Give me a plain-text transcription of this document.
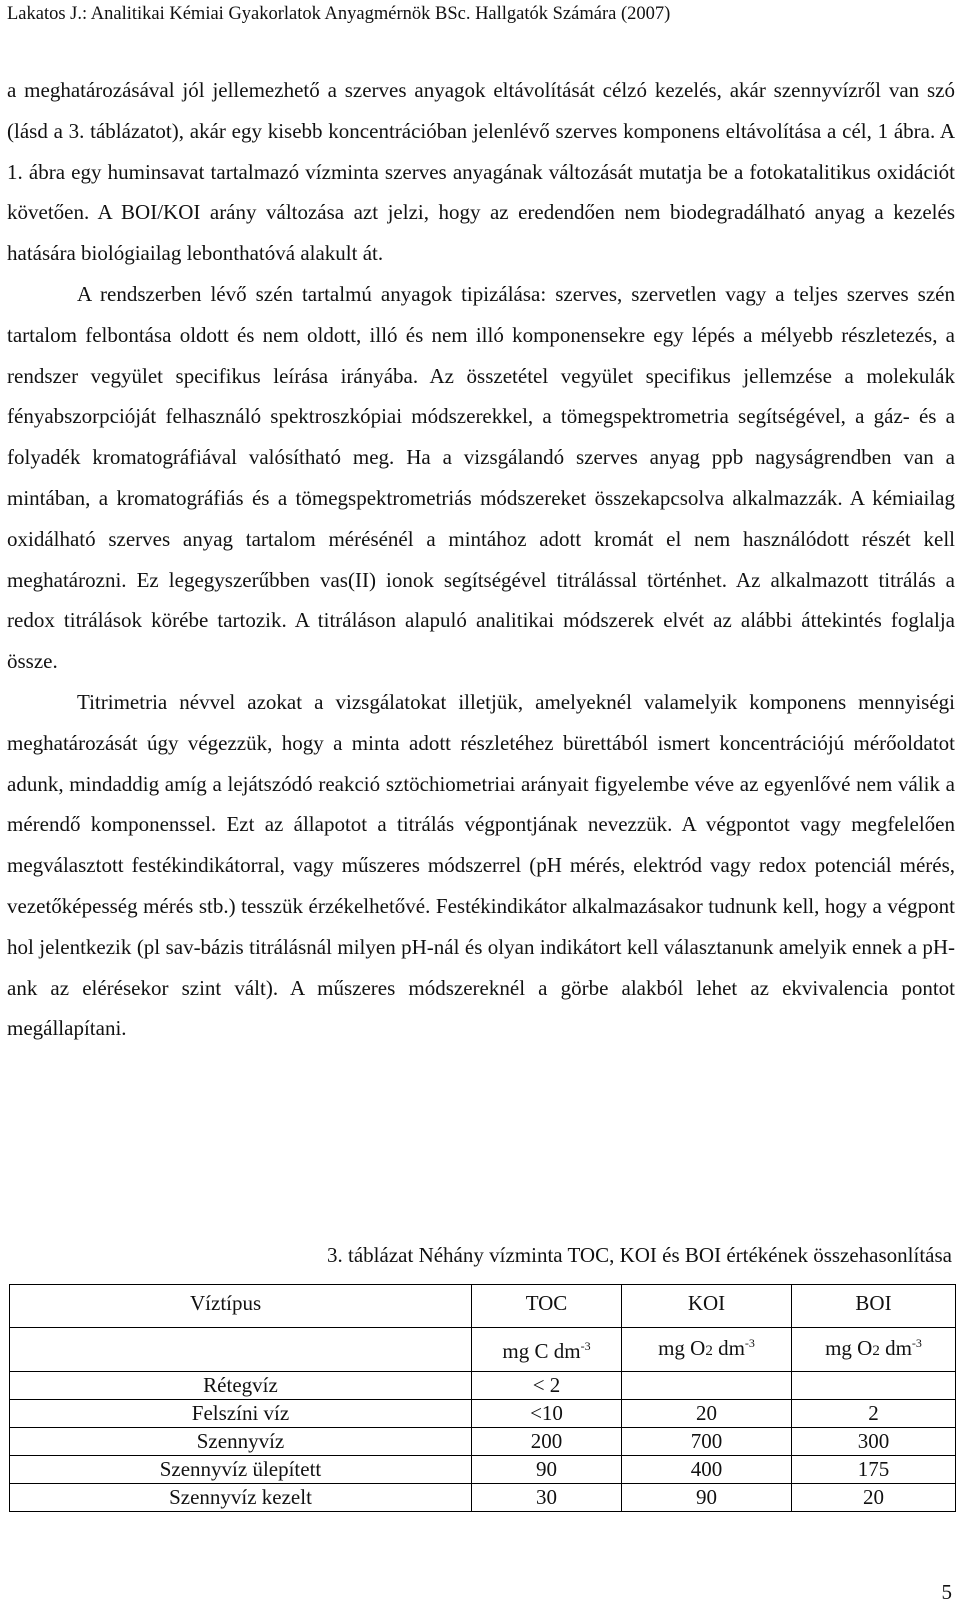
Lakatos J.: Analitikai Kémiai Gyakorlatok Anyagmérnök BSc. Hallgatók Számára (2007)

a meghatározásával jól jellemezhető a szerves anyagok eltávolítását célzó kezelés, akár szennyvízről van szó (lásd a 3. táblázatot), akár egy kisebb koncentrációban jelenlévő szerves komponens eltávolítása a cél, 1 ábra. A 1. ábra egy huminsavat tartalmazó vízminta szerves anyagának változását mutatja be a fotokatalitikus oxidációt követően. A BOI/KOI arány változása azt jelzi, hogy az eredendően nem biodegradálható anyag a kezelés hatására biológiailag lebonthatóvá alakult át.

A rendszerben lévő szén tartalmú anyagok tipizálása: szerves, szervetlen vagy a teljes szerves szén tartalom felbontása oldott és nem oldott, illó és nem illó komponensekre egy lépés a mélyebb részletezés, a rendszer vegyület specifikus leírása irányába. Az összetétel vegyület specifikus jellemzése a molekulák fényabszorpcióját felhasználó spektroszkópiai módszerekkel, a tömegspektrometria segítségével, a gáz- és a folyadék kromatográfiával valósítható meg. Ha a vizsgálandó szerves anyag ppb nagyságrendben van a mintában, a kromatográfiás és a tömegspektrometriás módszereket összekapcsolva alkalmazzák. A kémiailag oxidálható szerves anyag tartalom mérésénél a mintához adott kromát el nem használódott részét kell meghatározni. Ez legegyszerűbben vas(II) ionok segítségével titrálással történhet. Az alkalmazott titrálás a redox titrálások körébe tartozik. A titráláson alapuló analitikai módszerek elvét az alábbi áttekintés foglalja össze.

Titrimetria névvel azokat a vizsgálatokat illetjük, amelyeknél valamelyik komponens mennyiségi meghatározását úgy végezzük, hogy a minta adott részletéhez bürettából ismert koncentrációjú mérőoldatot adunk, mindaddig amíg a lejátszódó reakció sztöchiometriai arányait figyelembe véve az egyenlővé nem válik a mérendő komponenssel. Ezt az állapotot a titrálás végpontjának nevezzük. A végpontot vagy megfelelően megválasztott festékindikátorral, vagy műszeres módszerrel (pH mérés, elektród vagy redox potenciál mérés, vezetőképesség mérés stb.) tesszük érzékelhetővé. Festékindikátor alkalmazásakor tudnunk kell, hogy a végpont hol jelentkezik (pl sav-bázis titrálásnál milyen pH-nál és olyan indikátort kell választanunk amelyik ennek a pH-ank az elérésekor szint vált). A műszeres módszereknél a görbe alakból lehet az ekvivalencia pontot megállapítani.

3. táblázat Néhány vízminta TOC, KOI és BOI értékének összehasonlítása
Víztípus	TOC	KOI	BOI
	mg C $dm^{-3}$	mg O2 $dm^{-3}$	mg O2 $dm^{-3}$
Rétegvíz	< 2		
Felszíni víz	<10	20	2
Szennyvíz	200	700	300
Szennyvíz ülepített	90	400	175
Szennyvíz kezelt	30	90	20
5
